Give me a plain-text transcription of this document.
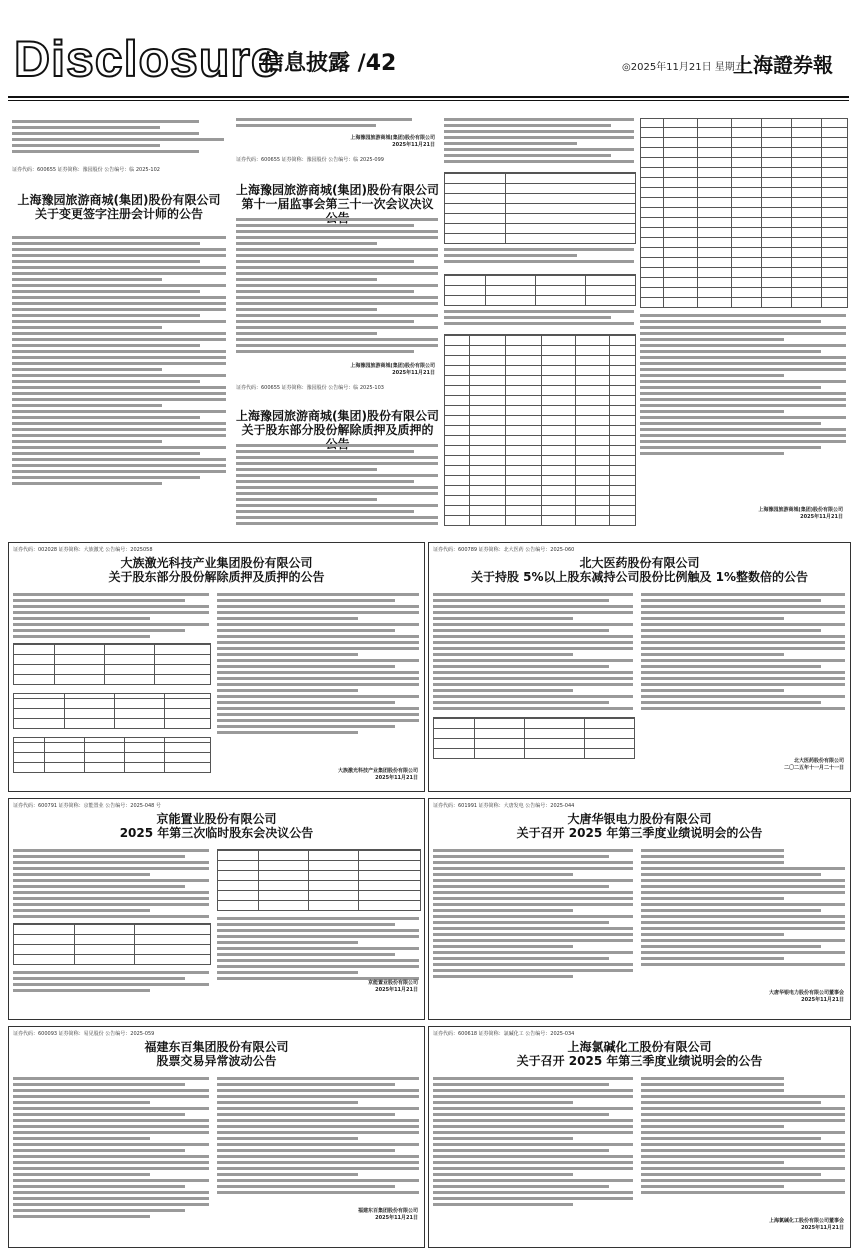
Disclosure
信息披露 /42	◎2025年11月21日 星期五
上海證券報
证券代码：600655 证券简称：豫园股份 公告编号：临 2025-102
上海豫园旅游商城(集团)股份有限公司
关于变更签字注册会计师的公告
上海豫园旅游商城(集团)股份有限公司
2025年11月21日
证券代码：600655 证券简称：豫园股份 公告编号：临 2025-099
上海豫园旅游商城(集团)股份有限公司
第十一届监事会第三十一次会议决议
上海豫园旅游商城(集团)股份有限公司
2025年11月21日
证券代码：600655 证券简称：豫园股份 公告编号：临 2025-103
上海豫园旅游商城(集团)股份有限公司
关于股东部分股份解除质押及质押的
上海豫园旅游商城(集团)股份有限公司
2025年11月21日
证券代码：002028 证券简称：大族激光 公告编号：2025058
大族激光科技产业集团股份有限公司
关于股东部分股份解除质押及质押的公告
大族激光科技产业集团股份有限公司
2025年11月21日
证券代码：600789 证券简称：北大医药 公告编号：2025-060
北大医药股份有限公司
关于持股 5%以上股东减持公司股份比例触及 1%整数倍的公告
北大医药股份有限公司
二〇二五年十一月二十一日
证券代码：600791 证券简称：京能置业 公告编号：2025-048 号
京能置业股份有限公司
2025 年第三次临时股东会决议公告
京能置业股份有限公司
2025年11月21日
证券代码：601991 证券简称：大唐发电 公告编号：2025-044
大唐华银电力股份有限公司
关于召开 2025 年第三季度业绩说明会的公告
大唐华银电力股份有限公司董事会
2025年11月21日
证券代码：600093 证券简称：易见股份 公告编号：2025-059
福建东百集团股份有限公司
股票交易异常波动公告
福建东百集团股份有限公司
2025年11月21日
证券代码：600618 证券简称：氯碱化工 公告编号：2025-034
上海氯碱化工股份有限公司
关于召开 2025 年第三季度业绩说明会的公告
上海氯碱化工股份有限公司董事会
2025年11月21日
